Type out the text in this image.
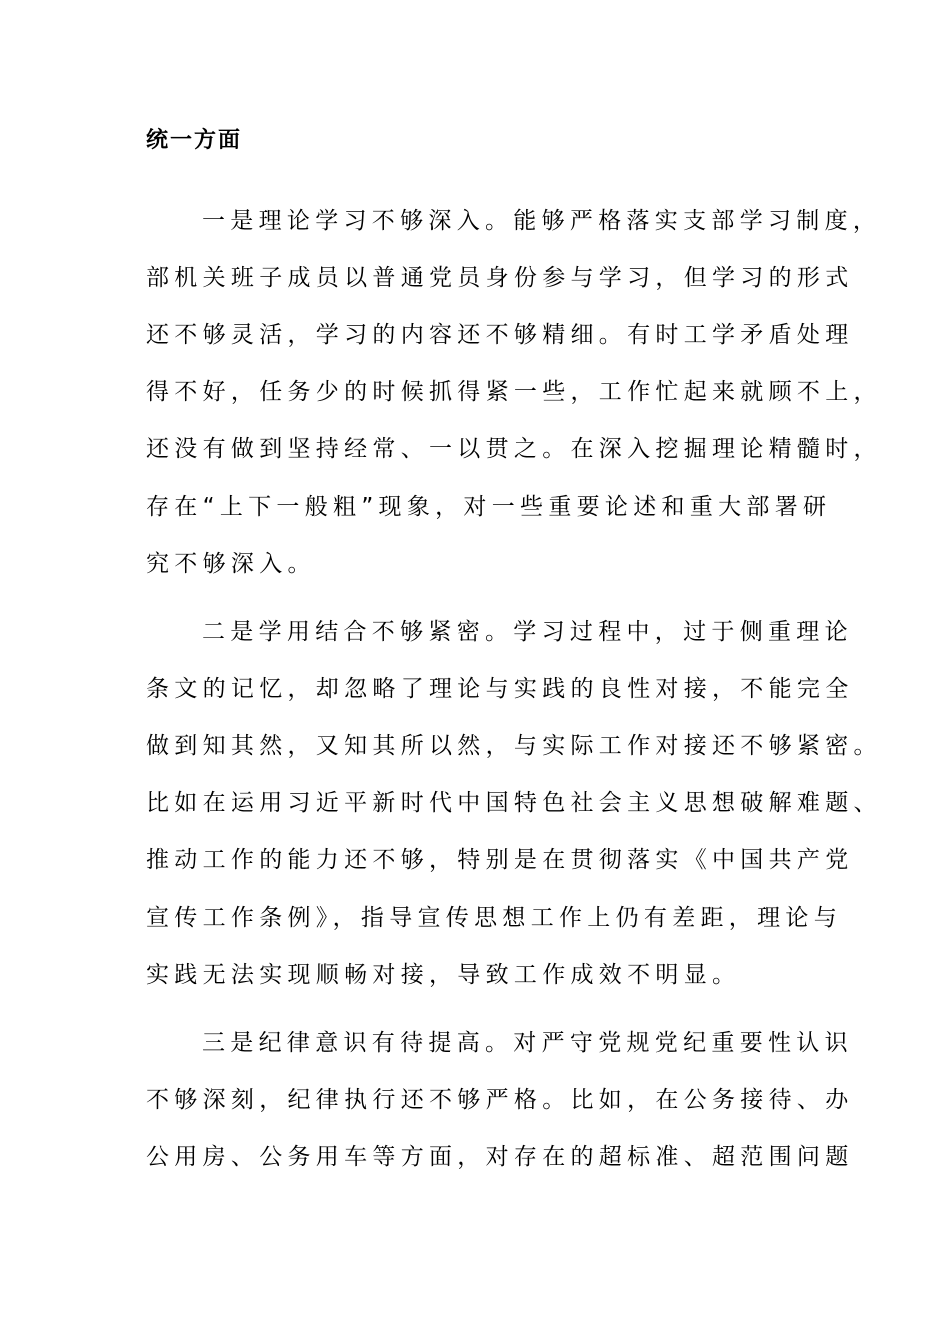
统一方面
一是理论学习不够深入。能够严格落实支部学习制度，
部机关班子成员以普通党员身份参与学习，但学习的形式
还不够灵活，学习的内容还不够精细。有时工学矛盾处理
得不好，任务少的时候抓得紧一些，工作忙起来就顾不上，
还没有做到坚持经常、一以贯之。在深入挖掘理论精髓时，
存在“上下一般粗”现象，对一些重要论述和重大部署研
究不够深入。
二是学用结合不够紧密。学习过程中，过于侧重理论
条文的记忆，却忽略了理论与实践的良性对接，不能完全
做到知其然，又知其所以然，与实际工作对接还不够紧密。
比如在运用习近平新时代中国特色社会主义思想破解难题、
推动工作的能力还不够，特别是在贯彻落实《中国共产党
宣传工作条例》，指导宣传思想工作上仍有差距，理论与
实践无法实现顺畅对接，导致工作成效不明显。
三是纪律意识有待提高。对严守党规党纪重要性认识
不够深刻，纪律执行还不够严格。比如，在公务接待、办
公用房、公务用车等方面，对存在的超标准、超范围问题
